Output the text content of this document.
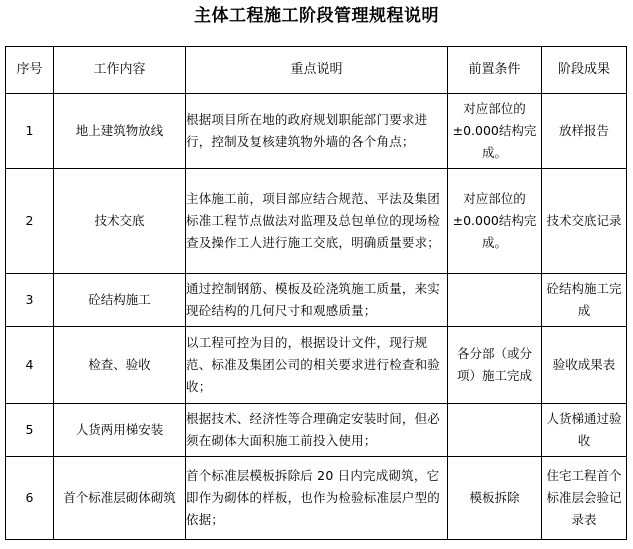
主体工程施工阶段管理规程说明
序号	工作内容	重点说明	前置条件	阶段成果
1	地上建筑物放线	根据项目所在地的政府规划职能部门要求进行，控制及复核建筑物外墙的各个角点；	对应部位的±0.000结构完成。	放样报告
2	技术交底	主体施工前，项目部应结合规范、平法及集团标准工程节点做法对监理及总包单位的现场检查及操作工人进行施工交底，明确质量要求；	对应部位的±0.000结构完成。	技术交底记录
3	砼结构施工	通过控制钢筋、模板及砼浇筑施工质量，来实现砼结构的几何尺寸和观感质量；		砼结构施工完成
4	检查、验收	以工程可控为目的，根据设计文件，现行规范、标准及集团公司的相关要求进行检查和验收；	各分部（或分项）施工完成	验收成果表
5	人货两用梯安装	根据技术、经济性等合理确定安装时间，但必须在砌体大面积施工前投入使用；		人货梯通过验收
6	首个标准层砌体砌筑	首个标准层模板拆除后 20 日内完成砌筑，它即作为砌体的样板，也作为检验标准层户型的依据；	模板拆除	住宅工程首个标准层会验记录表
